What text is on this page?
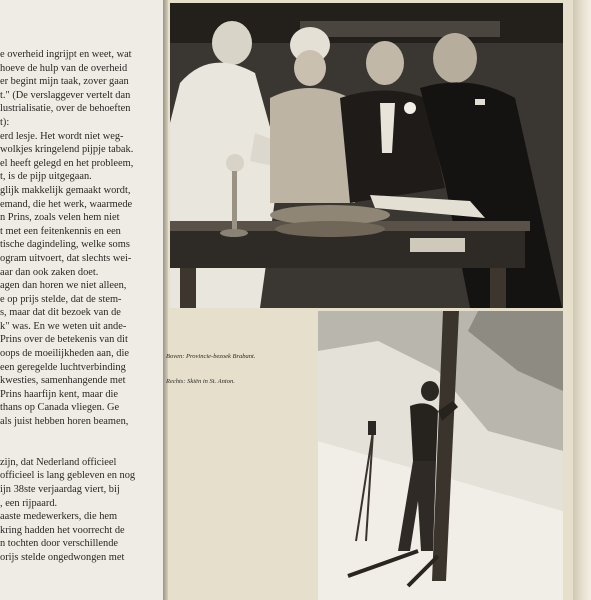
e overheid ingrijpt en weet, wat
hoeve de hulp van de overheid
er begint mijn taak, zover gaan
t." (De verslaggever vertelt dan
lustrialisatie, over de behoeften
t):
erd lesje. Het wordt niet weg-
wolkjes kringelend pijpje tabak.
el heeft gelegd en het probleem,
t, is de pijp uitgegaan.
glijk makkelijk gemaakt wordt,
emand, die het werk, waarmede
n Prins, zoals velen hem niet
t met een feitenkennis en een
tische dagindeling, welke soms
ogram uitvoert, dat slechts wei-
aar dan ook zaken doet.
agen dan horen we niet alleen,
e op prijs stelde, dat de stem-
s, maar dat dit bezoek van de
k" was. En we weten uit ande-
Prins over de betekenis van dit
oops de moeilijkheden aan, die
een geregelde luchtverbinding
kwesties, samenhangende met
Prins haarfijn kent, maar die
thans op Canada vliegen. Ge
als juist hebben horen beamen,

zijn, dat Nederland officieel
officieel is lang gebleven en nog
ijn 38ste verjaardag viert, bij
, een rijpaard.
aaste medewerkers, die hem
kring hadden het voorrecht de
n tochten door verschillende
orijs stelde ongedwongen met
Boven: Provincie-bezoek Brabant.
Rechts: Skiën in St. Anton.
